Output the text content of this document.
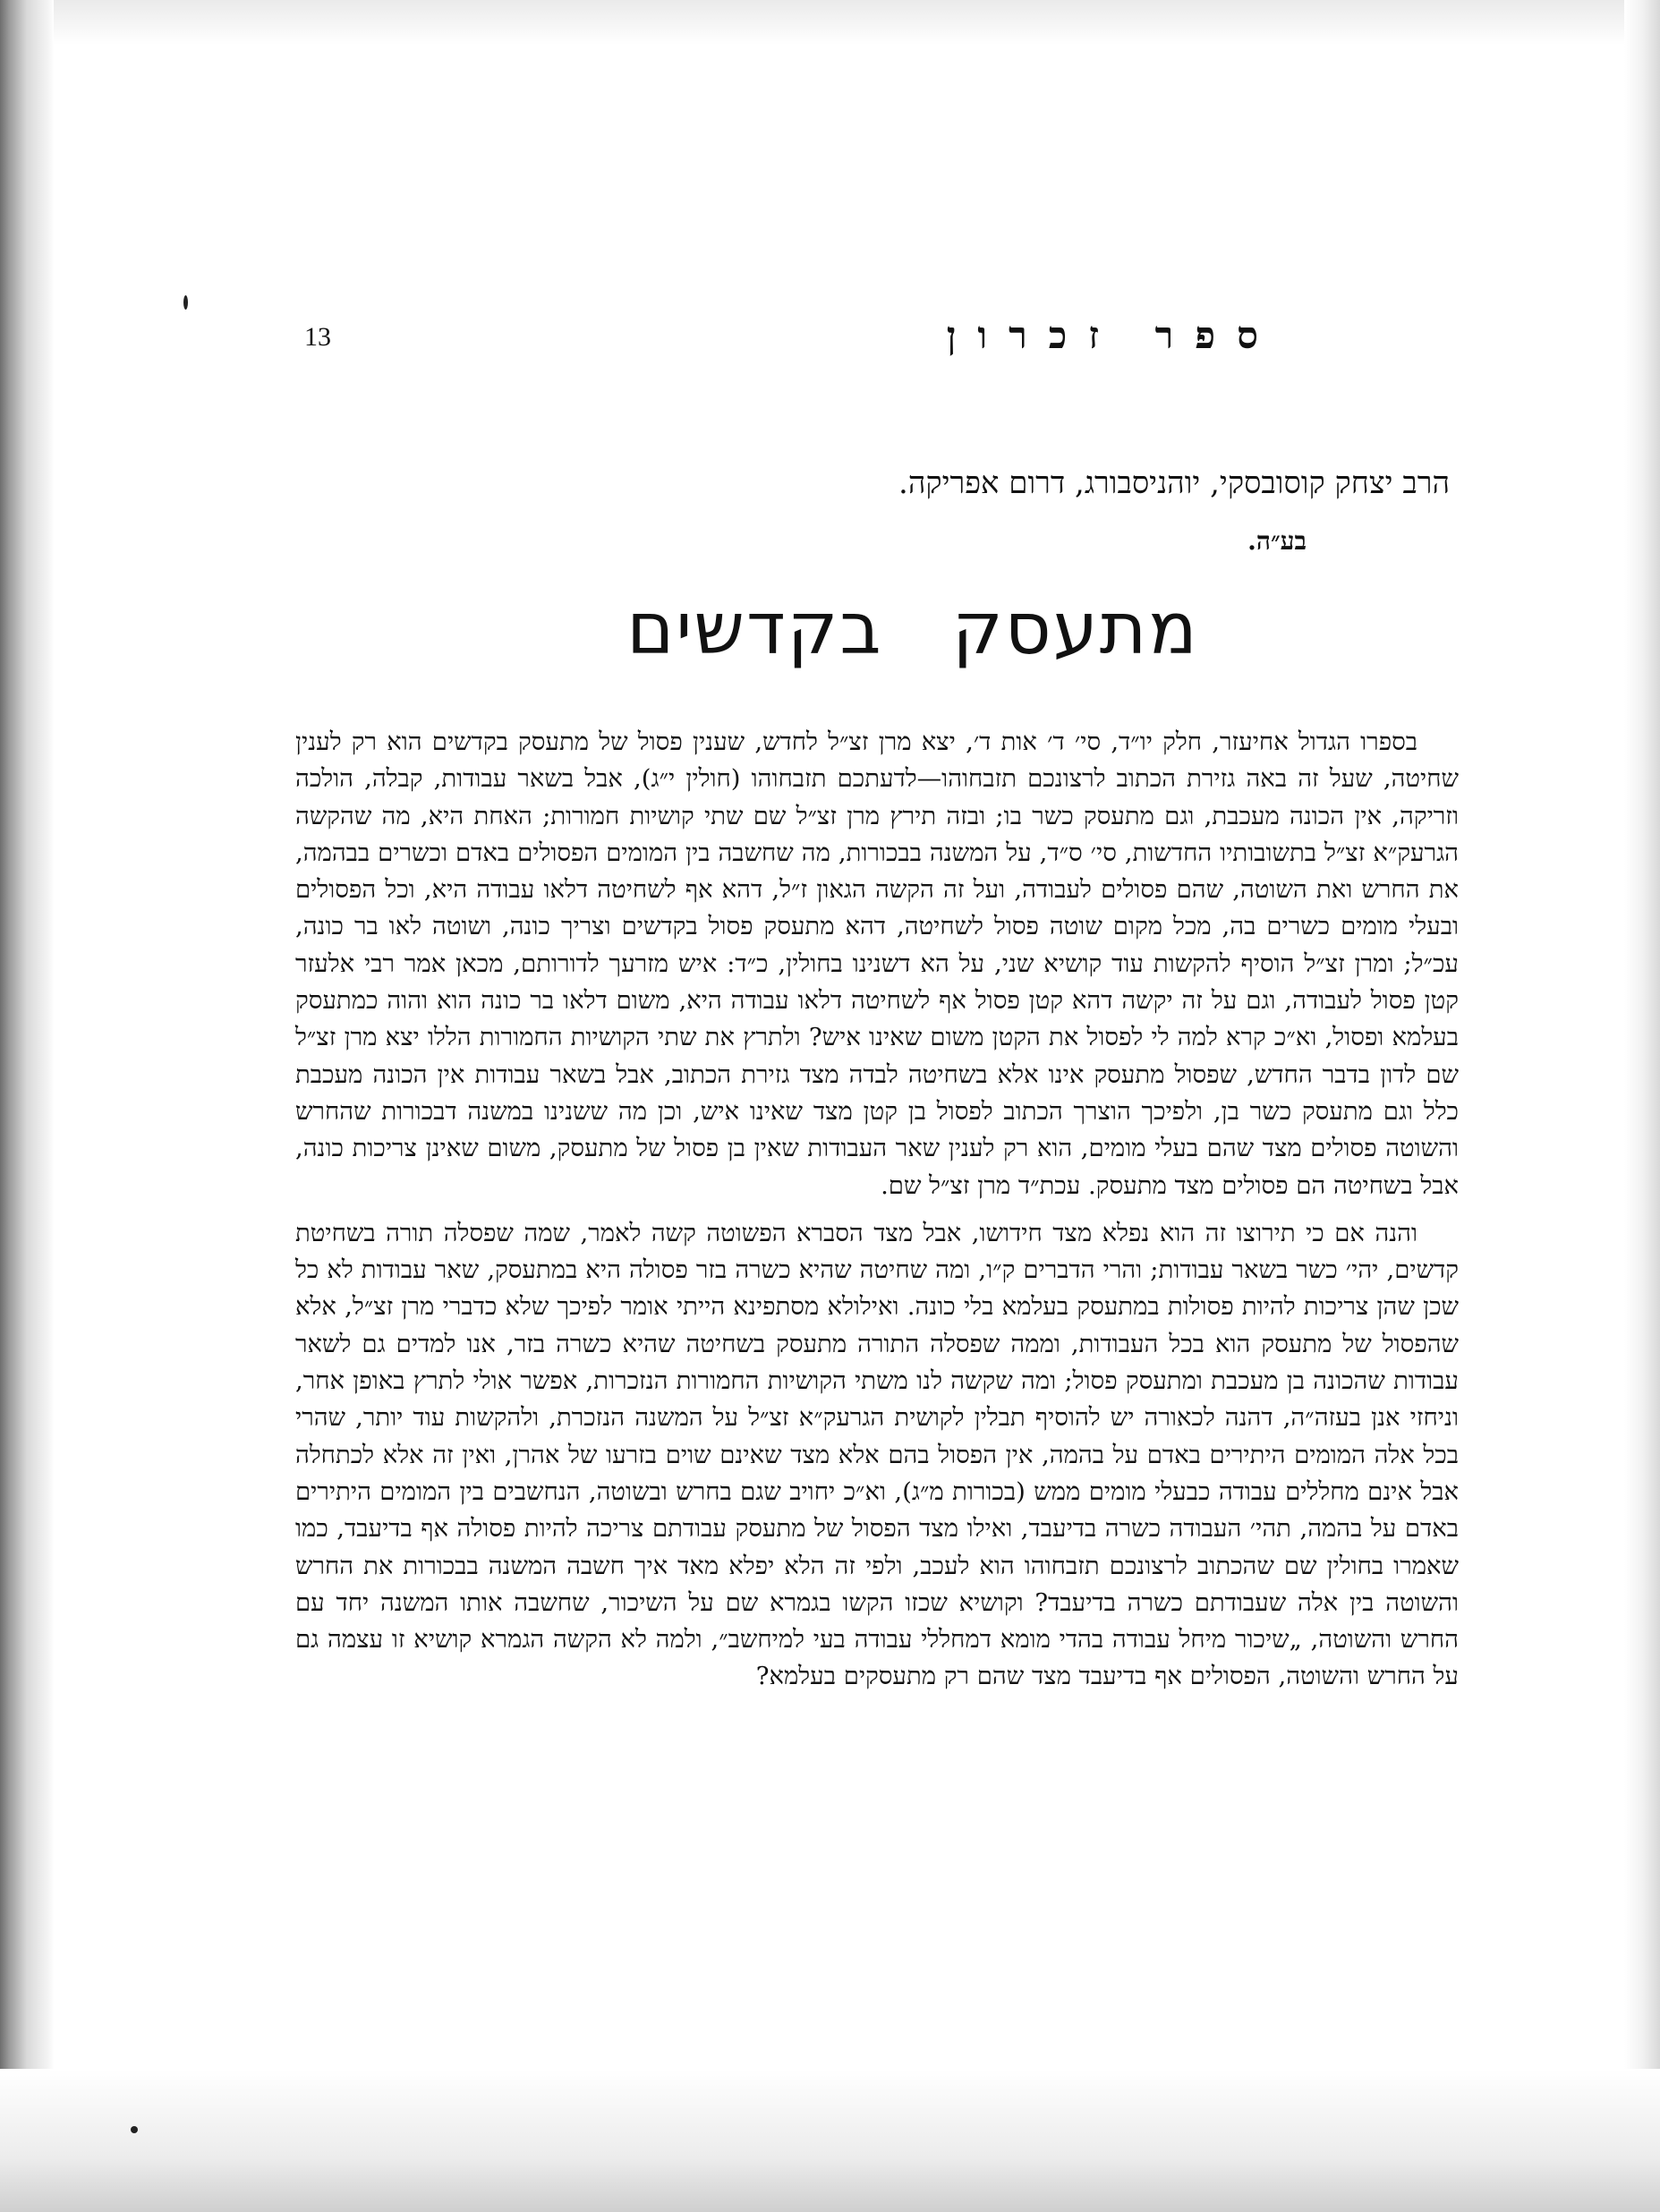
ספר זכרון
13
הרב יצחק קוסובסקי, יוהניסבורג, דרום אפריקה.
בע״ה.
מתעסק בקדשים

בספרו הגדול אחיעזר, חלק יו״ד, סי׳ ד׳ אות ד׳, יצא מרן זצ״ל לחדש, שענין פסול של מתעסק בקדשים הוא רק לענין שחיטה, שעל זה באה גזירת הכתוב לרצונכם תזבחוהו—לדעתכם תזבחוהו (חולין י״ג), אבל בשאר עבודות, קבלה, הולכה וזריקה, אין הכונה מעכבת, וגם מתעסק כשר בו; ובזה תירץ מרן זצ״ל שם שתי קושיות חמורות; האחת היא, מה שהקשה הגרעק״א זצ״ל בתשובותיו החדשות, סי׳ ס״ד, על המשנה בבכורות, מה שחשבה בין המומים הפסולים באדם וכשרים בבהמה, את החרש ואת השוטה, שהם פסולים לעבודה, ועל זה הקשה הגאון ז״ל, דהא אף לשחיטה דלאו עבודה היא, וכל הפסולים ובעלי מומים כשרים בה, מכל מקום שוטה פסול לשחיטה, דהא מתעסק פסול בקדשים וצריך כונה, ושוטה לאו בר כונה, עכ״ל; ומרן זצ״ל הוסיף להקשות עוד קושיא שני, על הא דשנינו בחולין, כ״ד: איש מזרעך לדורותם, מכאן אמר רבי אלעזר קטן פסול לעבודה, וגם על זה יקשה דהא קטן פסול אף לשחיטה דלאו עבודה היא, משום דלאו בר כונה הוא והוה כמתעסק בעלמא ופסול, וא״כ קרא למה לי לפסול את הקטן משום שאינו איש? ולתרץ את שתי הקושיות החמורות הללו יצא מרן זצ״ל שם לדון בדבר החדש, שפסול מתעסק אינו אלא בשחיטה לבדה מצד גזירת הכתוב, אבל בשאר עבודות אין הכונה מעכבת כלל וגם מתעסק כשר בן, ולפיכך הוצרך הכתוב לפסול בן קטן מצד שאינו איש, וכן מה ששנינו במשנה דבכורות שהחרש והשוטה פסולים מצד שהם בעלי מומים, הוא רק לענין שאר העבודות שאין בן פסול של מתעסק, משום שאינן צריכות כונה, אבל בשחיטה הם פסולים מצד מתעסק. עכת״ד מרן זצ״ל שם.

והנה אם כי תירוצו זה הוא נפלא מצד חידושו, אבל מצד הסברא הפשוטה קשה לאמר, שמה שפסלה תורה בשחיטת קדשים, יהי׳ כשר בשאר עבודות; והרי הדברים ק״ו, ומה שחיטה שהיא כשרה בזר פסולה היא במתעסק, שאר עבודות לא כל שכן שהן צריכות להיות פסולות במתעסק בעלמא בלי כונה. ואילולא מסתפינא הייתי אומר לפיכך שלא כדברי מרן זצ״ל, אלא שהפסול של מתעסק הוא בכל העבודות, וממה שפסלה התורה מתעסק בשחיטה שהיא כשרה בזר, אנו למדים גם לשאר עבודות שהכונה בן מעכבת ומתעסק פסול; ומה שקשה לנו משתי הקושיות החמורות הנזכרות, אפשר אולי לתרץ באופן אחר, וניחזי אנן בעזה״ה, דהנה לכאורה יש להוסיף תבלין לקושית הגרעק״א זצ״ל על המשנה הנזכרת, ולהקשות עוד יותר, שהרי בכל אלה המומים היתירים באדם על בהמה, אין הפסול בהם אלא מצד שאינם שוים בזרעו של אהרן, ואין זה אלא לכתחלה אבל אינם מחללים עבודה כבעלי מומים ממש (בכורות מ״ג), וא״כ יחויב שגם בחרש ובשוטה, הנחשבים בין המומים היתירים באדם על בהמה, תהי׳ העבודה כשרה בדיעבד, ואילו מצד הפסול של מתעסק עבודתם צריכה להיות פסולה אף בדיעבד, כמו שאמרו בחולין שם שהכתוב לרצונכם תזבחוהו הוא לעכב, ולפי זה הלא יפלא מאד איך חשבה המשנה בבכורות את החרש והשוטה בין אלה שעבודתם כשרה בדיעבד? וקושיא שכזו הקשו בגמרא שם על השיכור, שחשבה אותו המשנה יחד עם החרש והשוטה, „שיכור מיחל עבודה בהדי מומא דמחללי עבודה בעי למיחשב״, ולמה לא הקשה הגמרא קושיא זו עצמה גם על החרש והשוטה, הפסולים אף בדיעבד מצד שהם רק מתעסקים בעלמא?
